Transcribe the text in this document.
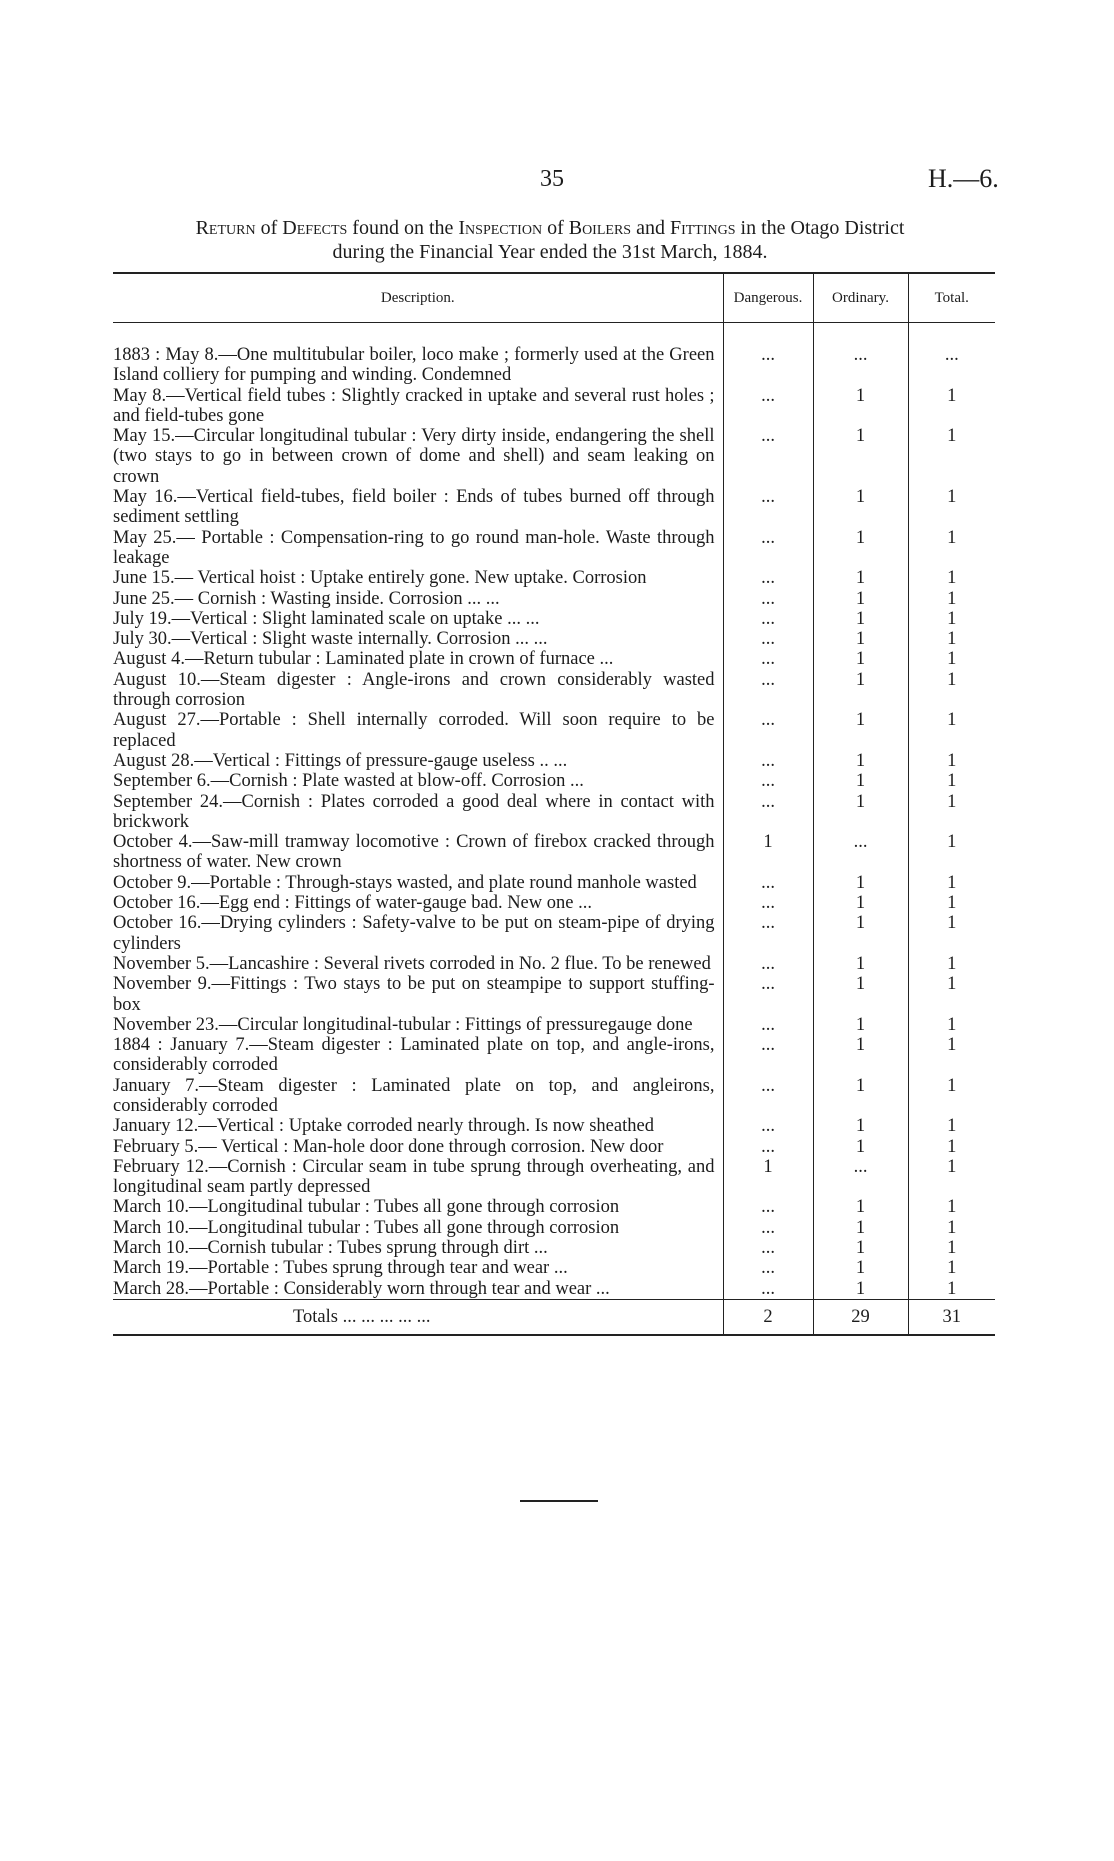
35	H.—6.
Return of Defects found on the Inspection of Boilers and Fittings in the Otago District
during the Financial Year ended the 31st March, 1884.
Description.	Dangerous.	Ordinary.	Total.

1883 : May 8.—One multitubular boiler, loco make ; formerly used at the Green Island colliery for pumping and winding. Condemned	...	...	...
May 8.—Vertical field tubes : Slightly cracked in uptake and several rust holes ; and field-tubes gone	...	1	1
May 15.—Circular longitudinal tubular : Very dirty inside, endangering the shell (two stays to go in between crown of dome and shell) and seam leaking on crown	...	1	1
May 16.—Vertical field-tubes, field boiler : Ends of tubes burned off through sediment settling	...	1	1
May 25.— Portable : Compensation-ring to go round man-hole. Waste through leakage	...	1	1
June 15.— Vertical hoist : Uptake entirely gone. New uptake. Corrosion	...	1	1
June 25.— Cornish : Wasting inside. Corrosion ... ...	...	1	1
July 19.—Vertical : Slight laminated scale on uptake ... ...	...	1	1
July 30.—Vertical : Slight waste internally. Corrosion ... ...	...	1	1
August 4.—Return tubular : Laminated plate in crown of furnace ...	...	1	1
August 10.—Steam digester : Angle-irons and crown considerably wasted through corrosion	...	1	1
August 27.—Portable : Shell internally corroded. Will soon require to be replaced	...	1	1
August 28.—Vertical : Fittings of pressure-gauge useless .. ...	...	1	1
September 6.—Cornish : Plate wasted at blow-off. Corrosion ...	...	1	1
September 24.—Cornish : Plates corroded a good deal where in contact with brickwork	...	1	1
October 4.—Saw-mill tramway locomotive : Crown of firebox cracked through shortness of water. New crown	1	...	1
October 9.—Portable : Through-stays wasted, and plate round manhole wasted	...	1	1
October 16.—Egg end : Fittings of water-gauge bad. New one ...	...	1	1
October 16.—Drying cylinders : Safety-valve to be put on steam-pipe of drying cylinders	...	1	1
November 5.—Lancashire : Several rivets corroded in No. 2 flue. To be renewed	...	1	1
November 9.—Fittings : Two stays to be put on steampipe to support stuffing-box	...	1	1
November 23.—Circular longitudinal-tubular : Fittings of pressuregauge done	...	1	1
1884 : January 7.—Steam digester : Laminated plate on top, and angle-irons, considerably corroded	...	1	1
January 7.—Steam digester : Laminated plate on top, and angleirons, considerably corroded	...	1	1
January 12.—Vertical : Uptake corroded nearly through. Is now sheathed	...	1	1
February 5.— Vertical : Man-hole door done through corrosion. New door	...	1	1
February 12.—Cornish : Circular seam in tube sprung through overheating, and longitudinal seam partly depressed	1	...	1
March 10.—Longitudinal tubular : Tubes all gone through corrosion	...	1	1
March 10.—Longitudinal tubular : Tubes all gone through corrosion	...	1	1
March 10.—Cornish tubular : Tubes sprung through dirt ...	...	1	1
March 19.—Portable : Tubes sprung through tear and wear ...	...	1	1
March 28.—Portable : Considerably worn through tear and wear ...	...	1	1
Totals ... ... ... ... ...	2	29	31
